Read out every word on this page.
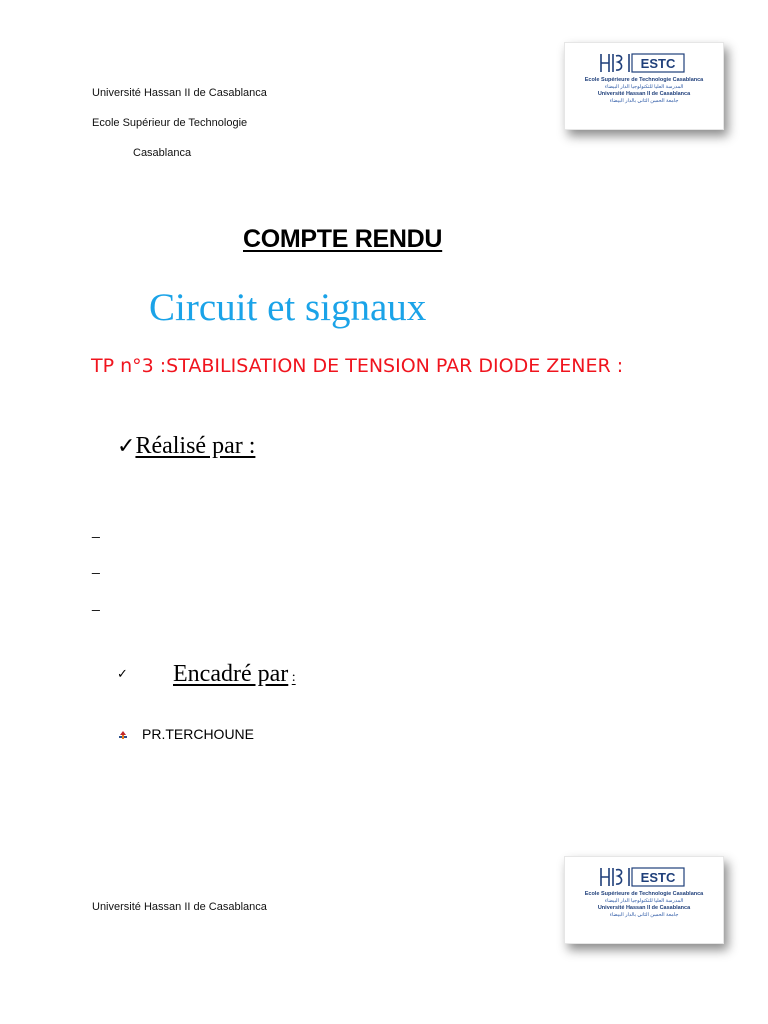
Université Hassan II de Casablanca
Ecole Supérieur de Technologie
Casablanca
ESTC
Ecole Supérieure de Technologie Casablanca
المدرسة العليا للتكنولوجيا الدار البيضاء
Université Hassan II de Casablanca
جامعة الحسن الثاني بالدار البيضاء
COMPTE RENDU
Circuit et signaux
TP n°3 :STABILISATION DE TENSION PAR DIODE ZENER :
✓Réalisé par :
_
_
_
✓ Encadré par :
PR.TERCHOUNE
Université Hassan II de Casablanca
ESTC
Ecole Supérieure de Technologie Casablanca
المدرسة العليا للتكنولوجيا الدار البيضاء
Université Hassan II de Casablanca
جامعة الحسن الثاني بالدار البيضاء
